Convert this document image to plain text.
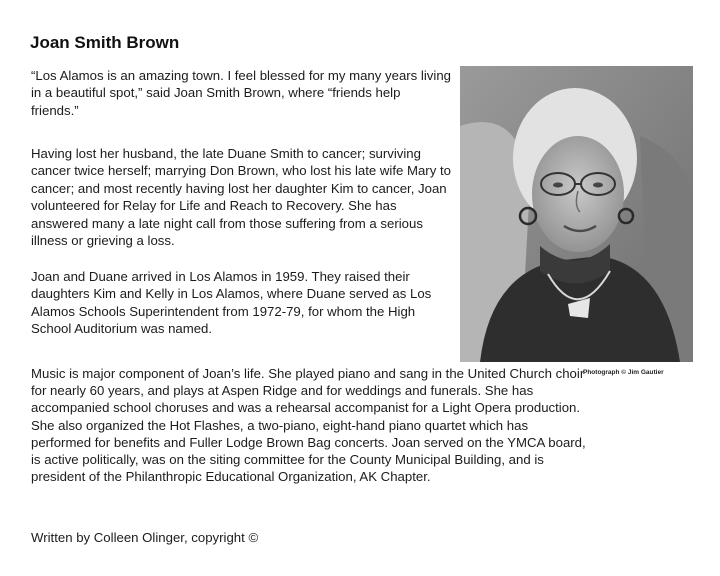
Joan Smith Brown

“Los Alamos is an amazing town. I feel blessed for my many years living in a beautiful spot,” said Joan Smith Brown, where “friends help friends.”

Having lost her husband, the late Duane Smith to cancer; surviving cancer twice herself; marrying Don Brown, who lost his late wife Mary to cancer; and most recently having lost her daughter Kim to cancer, Joan volunteered for Relay for Life and Reach to Recovery. She has answered many a late night call from those suffering from a serious illness or grieving a loss.

Joan and Duane arrived in Los Alamos in 1959. They raised their daughters Kim and Kelly in Los Alamos, where Duane served as Los Alamos Schools Superintendent from 1972-79, for whom the High School Auditorium was named.

Music is major component of Joan’s life. She played piano and sang in the United Church choir for nearly 60 years, and plays at Aspen Ridge and for weddings and funerals. She has accompanied school choruses and was a rehearsal accompanist for a Light Opera production. She also organized the Hot Flashes, a two-piano, eight-hand piano quartet which has performed for benefits and Fuller Lodge Brown Bag concerts. Joan served on the YMCA board, is active politically, was on the siting committee for the County Municipal Building, and is president of the Philanthropic Educational Organization, AK Chapter.

Written by Colleen Olinger, copyright ©

Photograph © Jim Gautier
